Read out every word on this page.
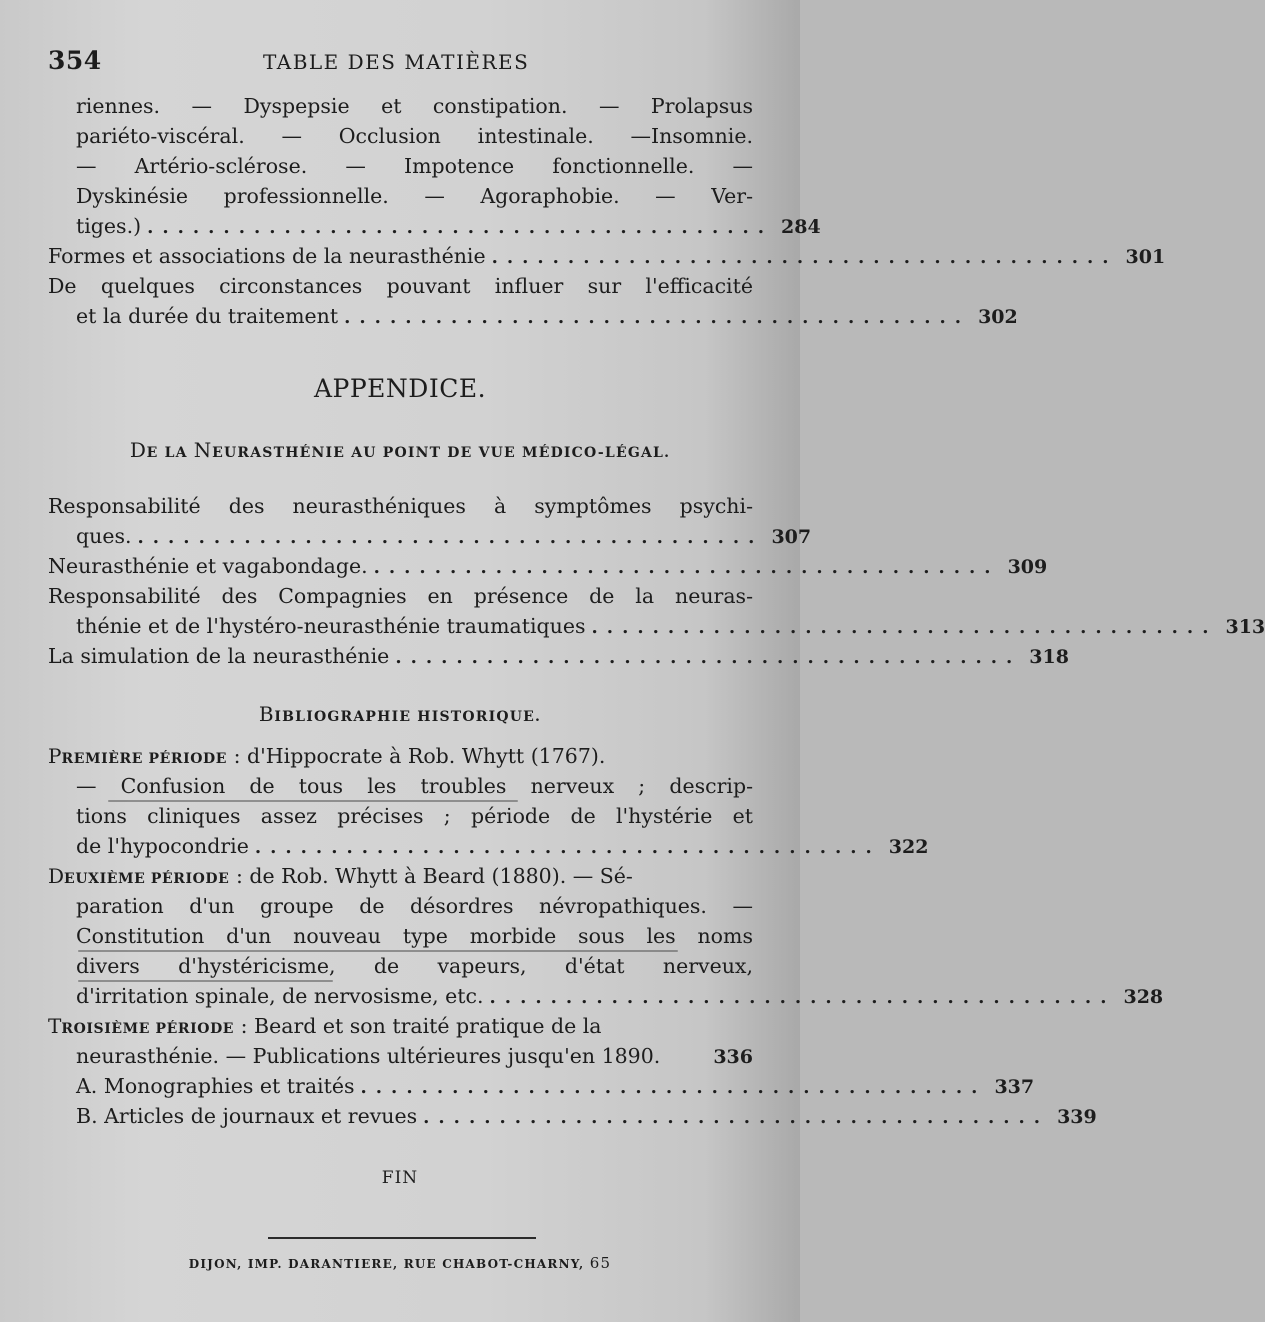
354	TABLE DES MATIÈRES
riennes. — Dyspepsie et constipation. — Prolapsus
pariéto-viscéral. — Occlusion intestinale. —Insomnie.
— Artério-sclérose. — Impotence fonctionnelle. —
Dyskinésie professionnelle. — Agoraphobie. — Ver-
tiges.) ......................................... 284
Formes et associations de la neurasthénie ......................................... 301
De quelques circonstances pouvant influer sur l'efficacité
et la durée du traitement ......................................... 302
APPENDICE.
DE LA NEURASTHÉNIE AU POINT DE VUE MÉDICO-LÉGAL.
Responsabilité des neurasthéniques à symptômes psychi-
ques. ......................................... 307
Neurasthénie et vagabondage. ......................................... 309
Responsabilité des Compagnies en présence de la neuras-
thénie et de l'hystéro-neurasthénie traumatiques ......................................... 313
La simulation de la neurasthénie ......................................... 318
BIBLIOGRAPHIE HISTORIQUE.
PREMIÈRE PÉRIODE : d'Hippocrate à Rob. Whytt (1767).
— Confusion de tous les troubles nerveux ; descrip-
tions cliniques assez précises ; période de l'hystérie et
de l'hypocondrie ......................................... 322
DEUXIÈME PÉRIODE : de Rob. Whytt à Beard (1880). — Sé-
paration d'un groupe de désordres névropathiques. —
Constitution d'un nouveau type morbide sous les noms
divers d'hystéricisme, de vapeurs, d'état nerveux,
d'irritation spinale, de nervosisme, etc. ......................................... 328
TROISIÈME PÉRIODE : Beard et son traité pratique de la
neurasthénie. — Publications ultérieures jusqu'en 1890.	336
A. Monographies et traités ......................................... 337
B. Articles de journaux et revues ......................................... 339
FIN
DIJON, IMP. DARANTIERE, RUE CHABOT-CHARNY, 65
